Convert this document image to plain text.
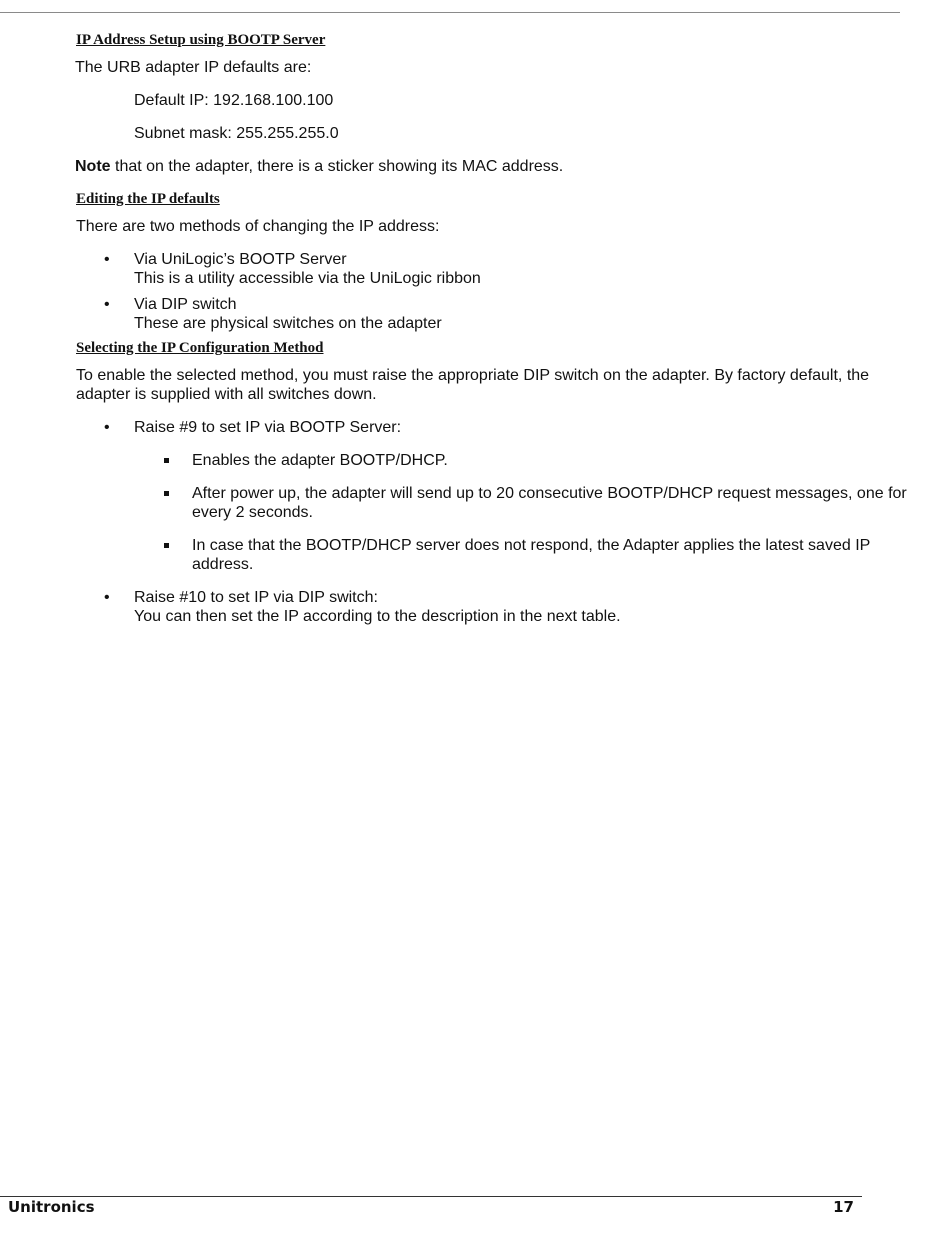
IP Address Setup using BOOTP Server

The URB adapter IP defaults are:

Default IP: 192.168.100.100

Subnet mask: 255.255.255.0

Note that on the adapter, there is a sticker showing its MAC address.

Editing the IP defaults

There are two methods of changing the IP address:

• Via UniLogic’s BOOTP Server
This is a utility accessible via the UniLogic ribbon
• Via DIP switch
These are physical switches on the adapter
Selecting the IP Configuration Method

To enable the selected method, you must raise the appropriate DIP switch on the adapter. By factory default, the adapter is supplied with all switches down.

• Raise #9 to set IP via BOOTP Server:
Enables the adapter BOOTP/DHCP.
After power up, the adapter will send up to 20 consecutive BOOTP/DHCP request messages, one for every 2 seconds.
In case that the BOOTP/DHCP server does not respond, the Adapter applies the latest saved IP address.
• Raise #10 to set IP via DIP switch:
You can then set the IP according to the description in the next table.
Unitronics	17
